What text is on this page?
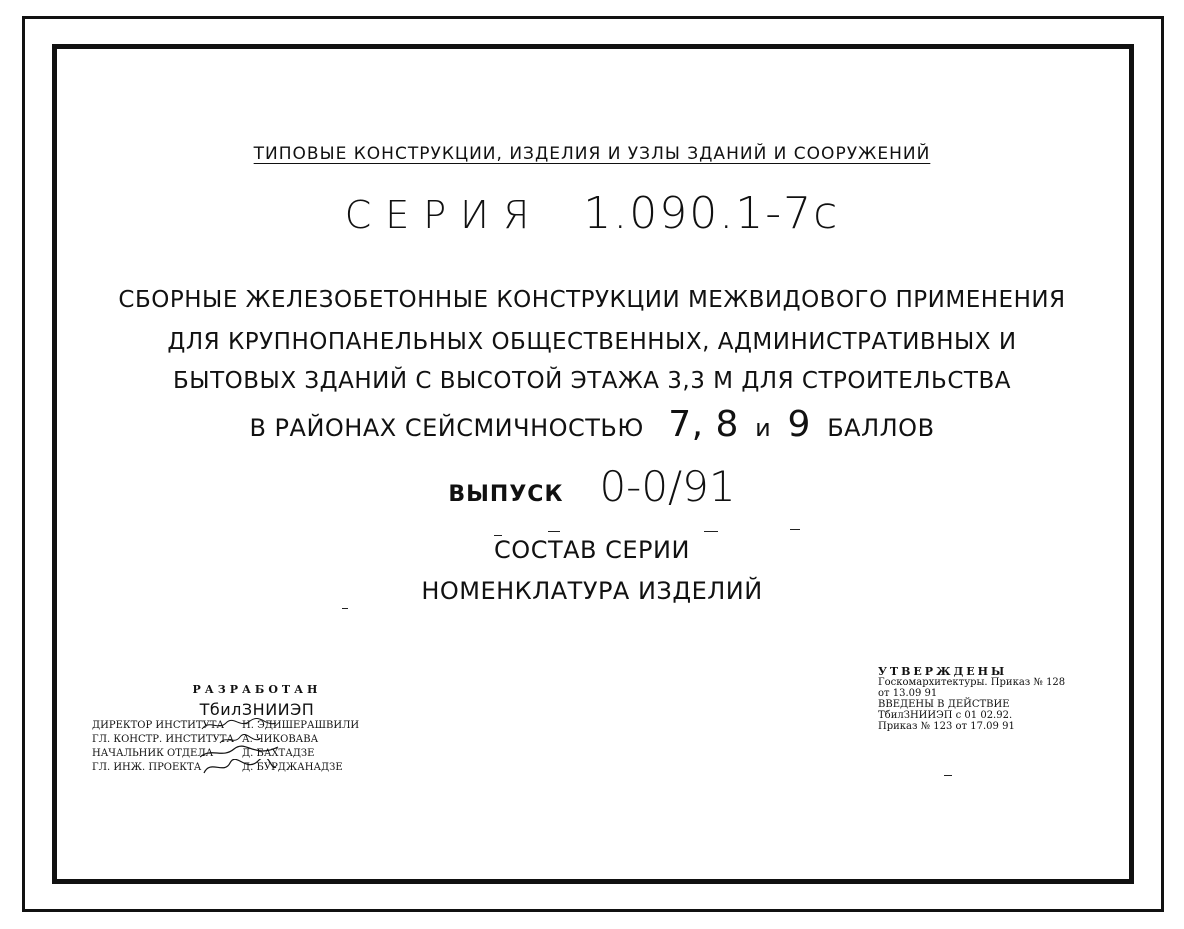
ТИПОВЫЕ КОНСТРУКЦИИ, ИЗДЕЛИЯ И УЗЛЫ ЗДАНИЙ И СООРУЖЕНИЙ
СЕРИЯ 1.090.1-7с
СБОРНЫЕ ЖЕЛЕЗОБЕТОННЫЕ КОНСТРУКЦИИ МЕЖВИДОВОГО ПРИМЕНЕНИЯ
ДЛЯ КРУПНОПАНЕЛЬНЫХ ОБЩЕСТВЕННЫХ, АДМИНИСТРАТИВНЫХ И
БЫТОВЫХ ЗДАНИЙ С ВЫСОТОЙ ЭТАЖА 3,3 М ДЛЯ СТРОИТЕЛЬСТВА
В РАЙОНАХ СЕЙСМИЧНОСТЬЮ 7, 8 и 9 БАЛЛОВ
ВЫПУСК 0-0/91
СОСТАВ СЕРИИ
НОМЕНКЛАТУРА ИЗДЕЛИЙ
РАЗРАБОТАН
ТбилЗНИИЭП
ДИРЕКТОР ИНСТИТУТА Н. ЭДИШЕРАШВИЛИ
ГЛ. КОНСТР. ИНСТИТУТА А. ЧИКОВАВА
НАЧАЛЬНИК ОТДЕЛА	Д. БАХТАДЗЕ
ГЛ. ИНЖ. ПРОЕКТА	Д. БУРДЖАНАДЗЕ
УТВЕРЖДЕНЫ
Госкомархитектуры. Приказ № 128
от 13.09 91
ВВЕДЕНЫ В ДЕЙСТВИЕ
ТбилЗНИИЭП с 01 02.92.
Приказ № 123 от 17.09 91
